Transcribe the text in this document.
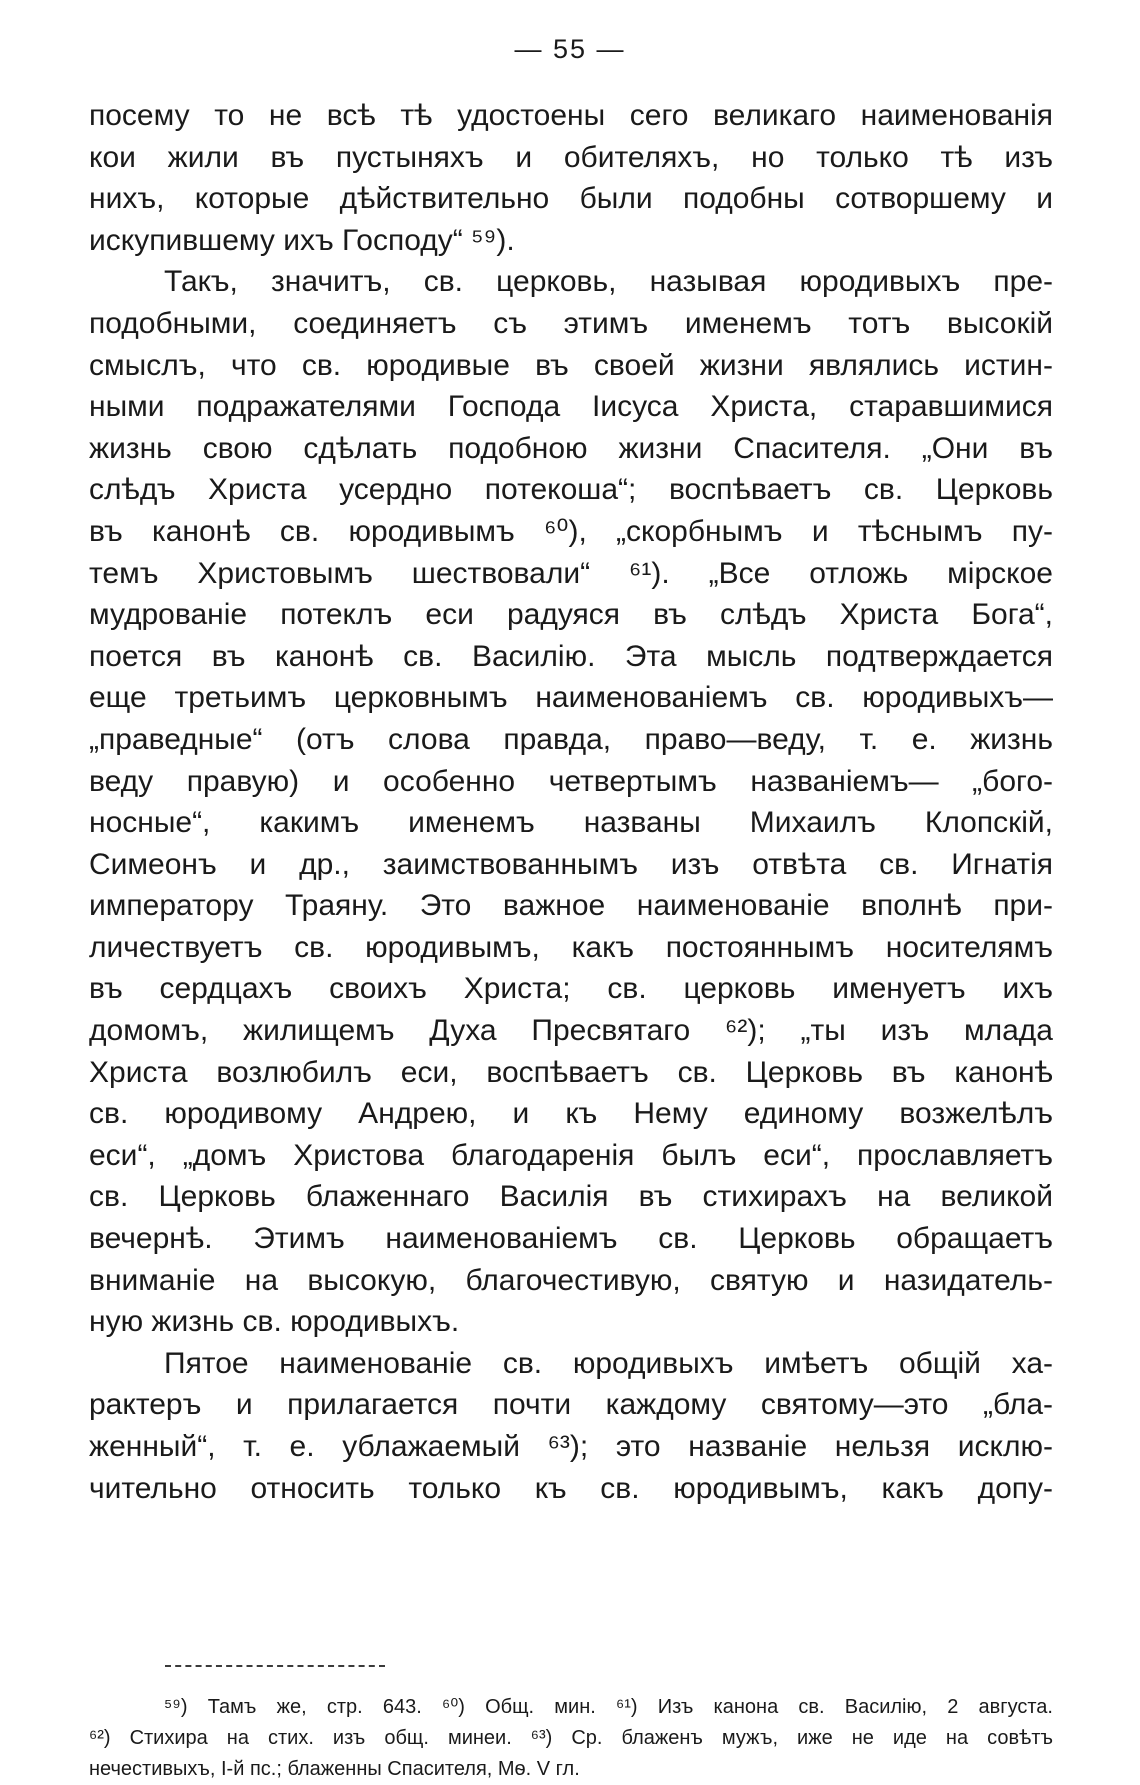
— 55 —
посему то не всѣ тѣ удостоены сего великаго наименованія
кои жили въ пустыняхъ и обителяхъ, но только тѣ изъ
нихъ, которые дѣйствительно были подобны сотворшему и
искупившему ихъ Господу“ ⁵⁹).
Такъ, значитъ, св. церковь, называя юродивыхъ пре-
подобными, соединяетъ съ этимъ именемъ тотъ высокій
смыслъ, что св. юродивые въ своей жизни являлись истин-
ными подражателями Господа Іисуса Христа, старавшимися
жизнь свою сдѣлать подобною жизни Спасителя. „Они въ
слѣдъ Христа усердно потекоша“; воспѣваетъ св. Церковь
въ канонѣ св. юродивымъ ⁶⁰), „скорбнымъ и тѣснымъ пу-
темъ Христовымъ шествовали“ ⁶¹). „Все отложь мірское
мудрованіе потеклъ еси радуяся въ слѣдъ Христа Бога“,
поется въ канонѣ св. Василію. Эта мысль подтверждается
еще третьимъ церковнымъ наименованіемъ св. юродивыхъ—
„праведные“ (отъ слова правда, право—веду, т. е. жизнь
веду правую) и особенно четвертымъ названіемъ— „бого-
носные“, какимъ именемъ названы Михаилъ Клопскій,
Симеонъ и др., заимствованнымъ изъ отвѣта св. Игнатія
императору Траяну. Это важное наименованіе вполнѣ при-
личествуетъ св. юродивымъ, какъ постояннымъ носителямъ
въ сердцахъ своихъ Христа; св. церковь именуетъ ихъ
домомъ, жилищемъ Духа Пресвятаго ⁶²); „ты изъ млада
Христа возлюбилъ еси, воспѣваетъ св. Церковь въ канонѣ
св. юродивому Андрею, и къ Нему единому возжелѣлъ
еси“, „домъ Христова благодаренія былъ еси“, прославляетъ
св. Церковь блаженнаго Василія въ стихирахъ на великой
вечернѣ. Этимъ наименованіемъ св. Церковь обращаетъ
вниманіе на высокую, благочестивую, святую и назидатель-
ную жизнь св. юродивыхъ.
Пятое наименованіе св. юродивыхъ имѣетъ общій ха-
рактеръ и прилагается почти каждому святому—это „бла-
женный“, т. е. ублажаемый ⁶³); это названіе нельзя исклю-
чительно относить только къ св. юродивымъ, какъ допу-
⁵⁹) Тамъ же, стр. 643. ⁶⁰) Общ. мин. ⁶¹) Изъ канона св. Василію, 2 августа.
⁶²) Стихира на стих. изъ общ. минеи. ⁶³) Ср. блаженъ мужъ, иже не иде на совѣтъ
нечестивыхъ, I-й пс.; блаженны Спасителя, Мѳ. V гл.
